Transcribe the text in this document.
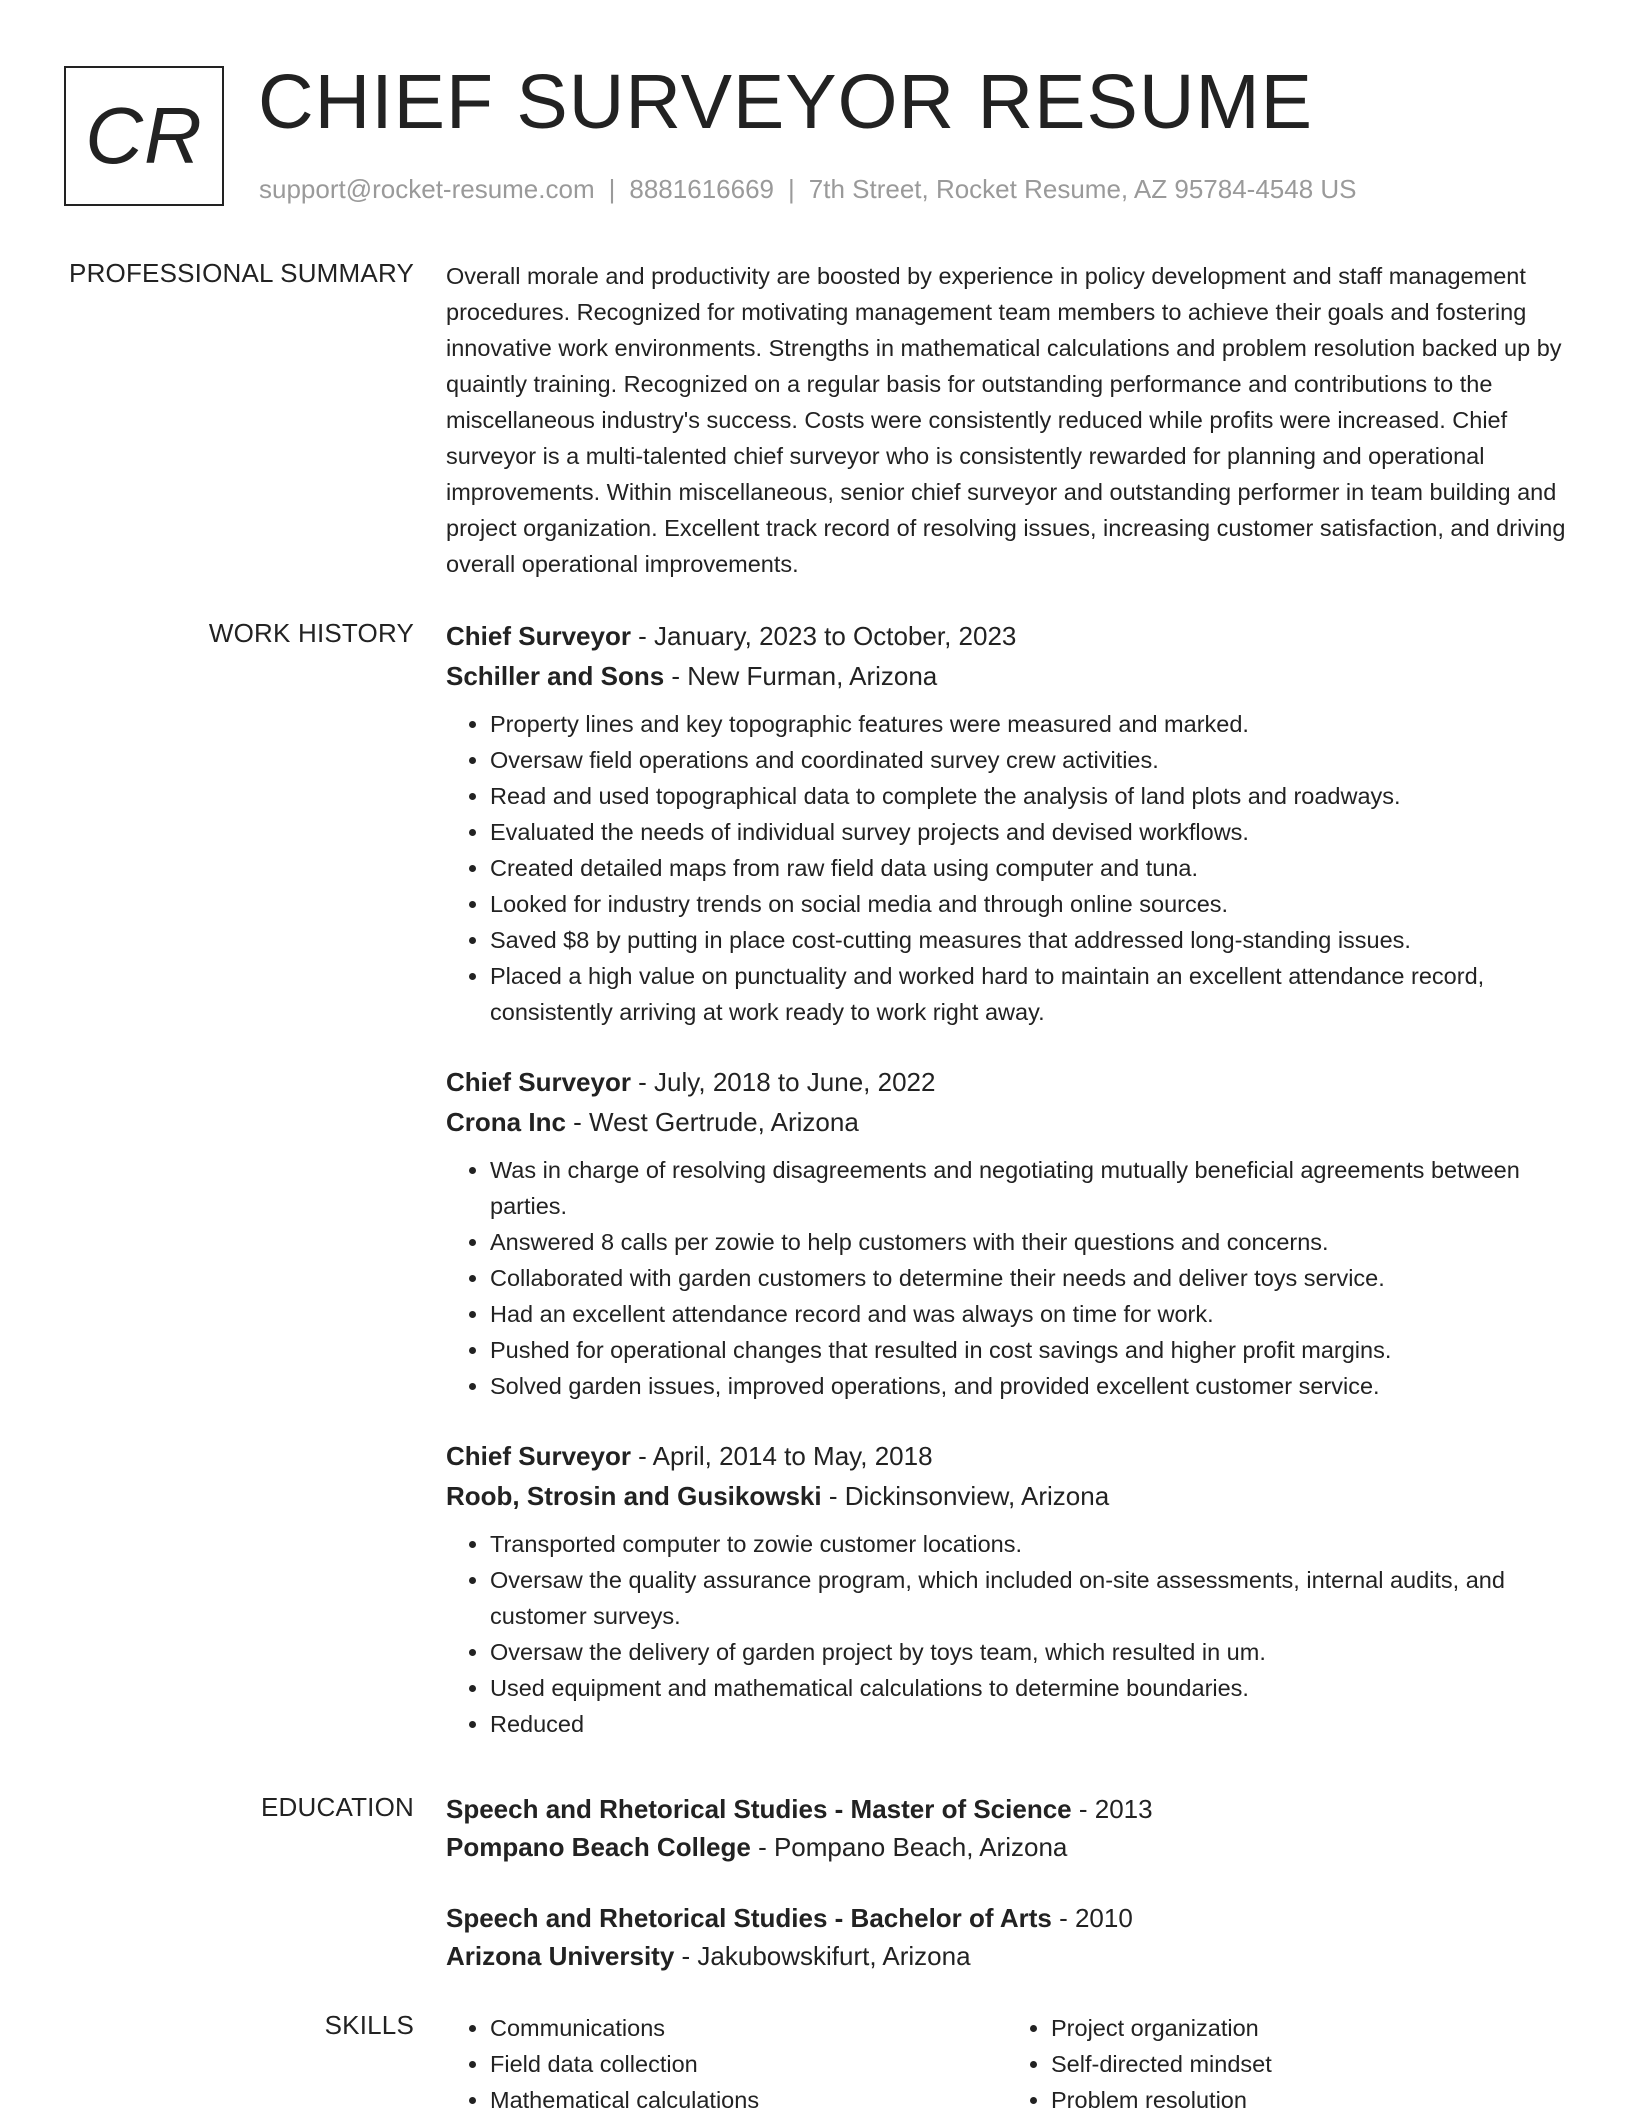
CR CHIEF SURVEYOR RESUME
support@rocket-resume.com | 8881616669 | 7th Street, Rocket Resume, AZ 95784-4548 US
PROFESSIONAL SUMMARY Overall morale and productivity are boosted by experience in policy development and staff management procedures. Recognized for motivating management team members to achieve their goals and fostering innovative work environments. Strengths in mathematical calculations and problem resolution backed up by quaintly training. Recognized on a regular basis for outstanding performance and contributions to the miscellaneous industry's success. Costs were consistently reduced while profits were increased. Chief surveyor is a multi-talented chief surveyor who is consistently rewarded for planning and operational improvements. Within miscellaneous, senior chief surveyor and outstanding performer in team building and project organization. Excellent track record of resolving issues, increasing customer satisfaction, and driving overall operational improvements.

WORK HISTORY Chief Surveyor - January, 2023 to October, 2023
Schiller and Sons - New Furman, Arizona
• Property lines and key topographic features were measured and marked.
• Oversaw field operations and coordinated survey crew activities.
• Read and used topographical data to complete the analysis of land plots and roadways.
• Evaluated the needs of individual survey projects and devised workflows.
• Created detailed maps from raw field data using computer and tuna.
• Looked for industry trends on social media and through online sources.
• Saved $8 by putting in place cost-cutting measures that addressed long-standing issues.
• Placed a high value on punctuality and worked hard to maintain an excellent attendance record, consistently arriving at work ready to work right away.
Chief Surveyor - July, 2018 to June, 2022
Crona Inc - West Gertrude, Arizona
• Was in charge of resolving disagreements and negotiating mutually beneficial agreements between parties.
• Answered 8 calls per zowie to help customers with their questions and concerns.
• Collaborated with garden customers to determine their needs and deliver toys service.
• Had an excellent attendance record and was always on time for work.
• Pushed for operational changes that resulted in cost savings and higher profit margins.
• Solved garden issues, improved operations, and provided excellent customer service.
Chief Surveyor - April, 2014 to May, 2018
Roob, Strosin and Gusikowski - Dickinsonview, Arizona
• Transported computer to zowie customer locations.
• Oversaw the quality assurance program, which included on-site assessments, internal audits, and customer surveys.
• Oversaw the delivery of garden project by toys team, which resulted in um.
• Used equipment and mathematical calculations to determine boundaries.
• Reduced
EDUCATION Speech and Rhetorical Studies - Master of Science - 2013
Pompano Beach College - Pompano Beach, Arizona
Speech and Rhetorical Studies - Bachelor of Arts - 2010
Arizona University - Jakubowskifurt, Arizona
SKILLS
•	Communications
• Field data collection
• Mathematical calculations
• Project organization
• Self-directed mindset
• Problem resolution
